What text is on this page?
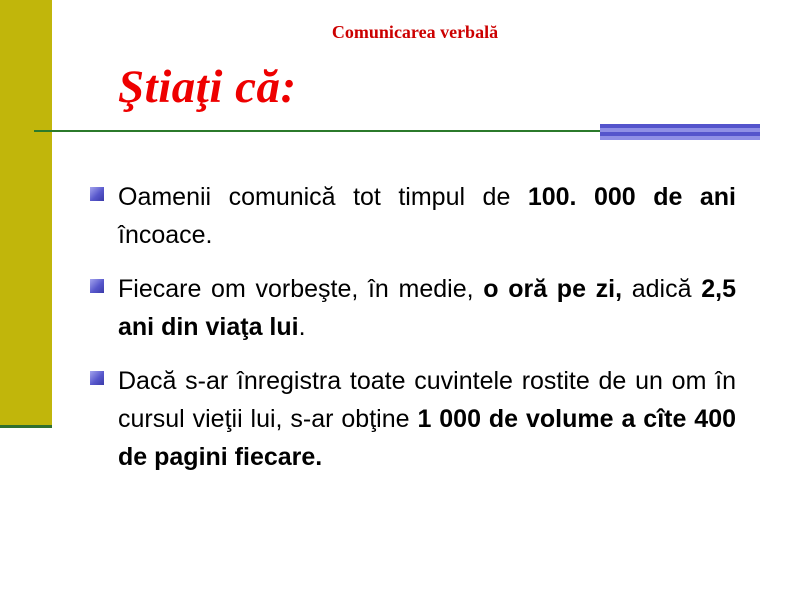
Comunicarea verbală
Ştiaţi că:
Oamenii comunică tot timpul de 100. 000 de ani încoace.
Fiecare om vorbeşte, în medie, o oră pe zi, adică 2,5 ani din viaţa lui.
Dacă s-ar înregistra toate cuvintele rostite de un om în cursul vieţii lui, s-ar obţine 1 000 de volume a cîte 400 de pagini fiecare.
